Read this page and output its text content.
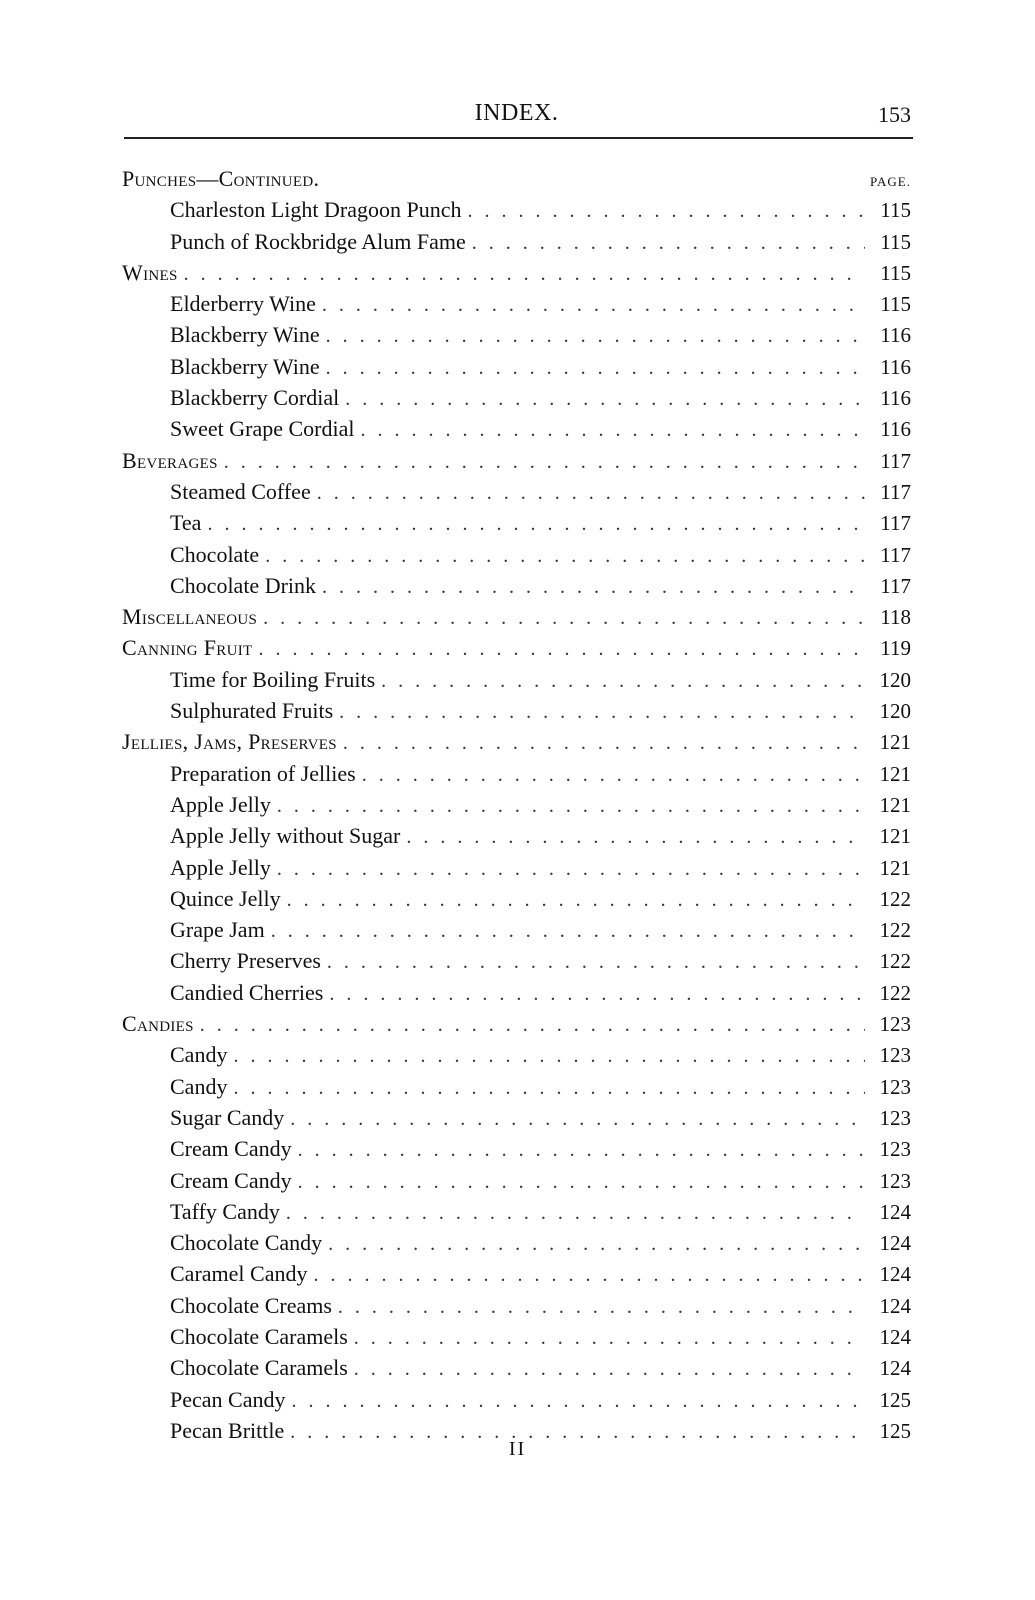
INDEX.	153
Punches—Continued.	PAGE.
Charleston Light Dragoon Punch . . .	115
Punch of Rockbridge Alum Fame . . .	115
Wines . . .	115
Elderberry Wine . . .	115
Blackberry Wine . . .	116
Blackberry Wine . . .	116
Blackberry Cordial . . .	116
Sweet Grape Cordial . . .	116
Beverages . . .	117
Steamed Coffee . . .	117
Tea . . .	117
Chocolate . . .	117
Chocolate Drink . . .	117
Miscellaneous . . .	118
Canning Fruit . . .	119
Time for Boiling Fruits . . .	120
Sulphurated Fruits . . .	120
Jellies, Jams, Preserves . . .	121
Preparation of Jellies . . .	121
Apple Jelly . . .	121
Apple Jelly without Sugar . . .	121
Apple Jelly . . .	121
Quince Jelly . . .	122
Grape Jam . . .	122
Cherry Preserves . . .	122
Candied Cherries . . .	122
Candies . . .	123
Candy . . .	123
Candy . . .	123
Sugar Candy . . .	123
Cream Candy . . .	123
Cream Candy . . .	123
Taffy Candy . . .	124
Chocolate Candy . . .	124
Caramel Candy . . .	124
Chocolate Creams . . .	124
Chocolate Caramels . . .	124
Chocolate Caramels . . .	124
Pecan Candy . . .	125
Pecan Brittle . . .	125
II
